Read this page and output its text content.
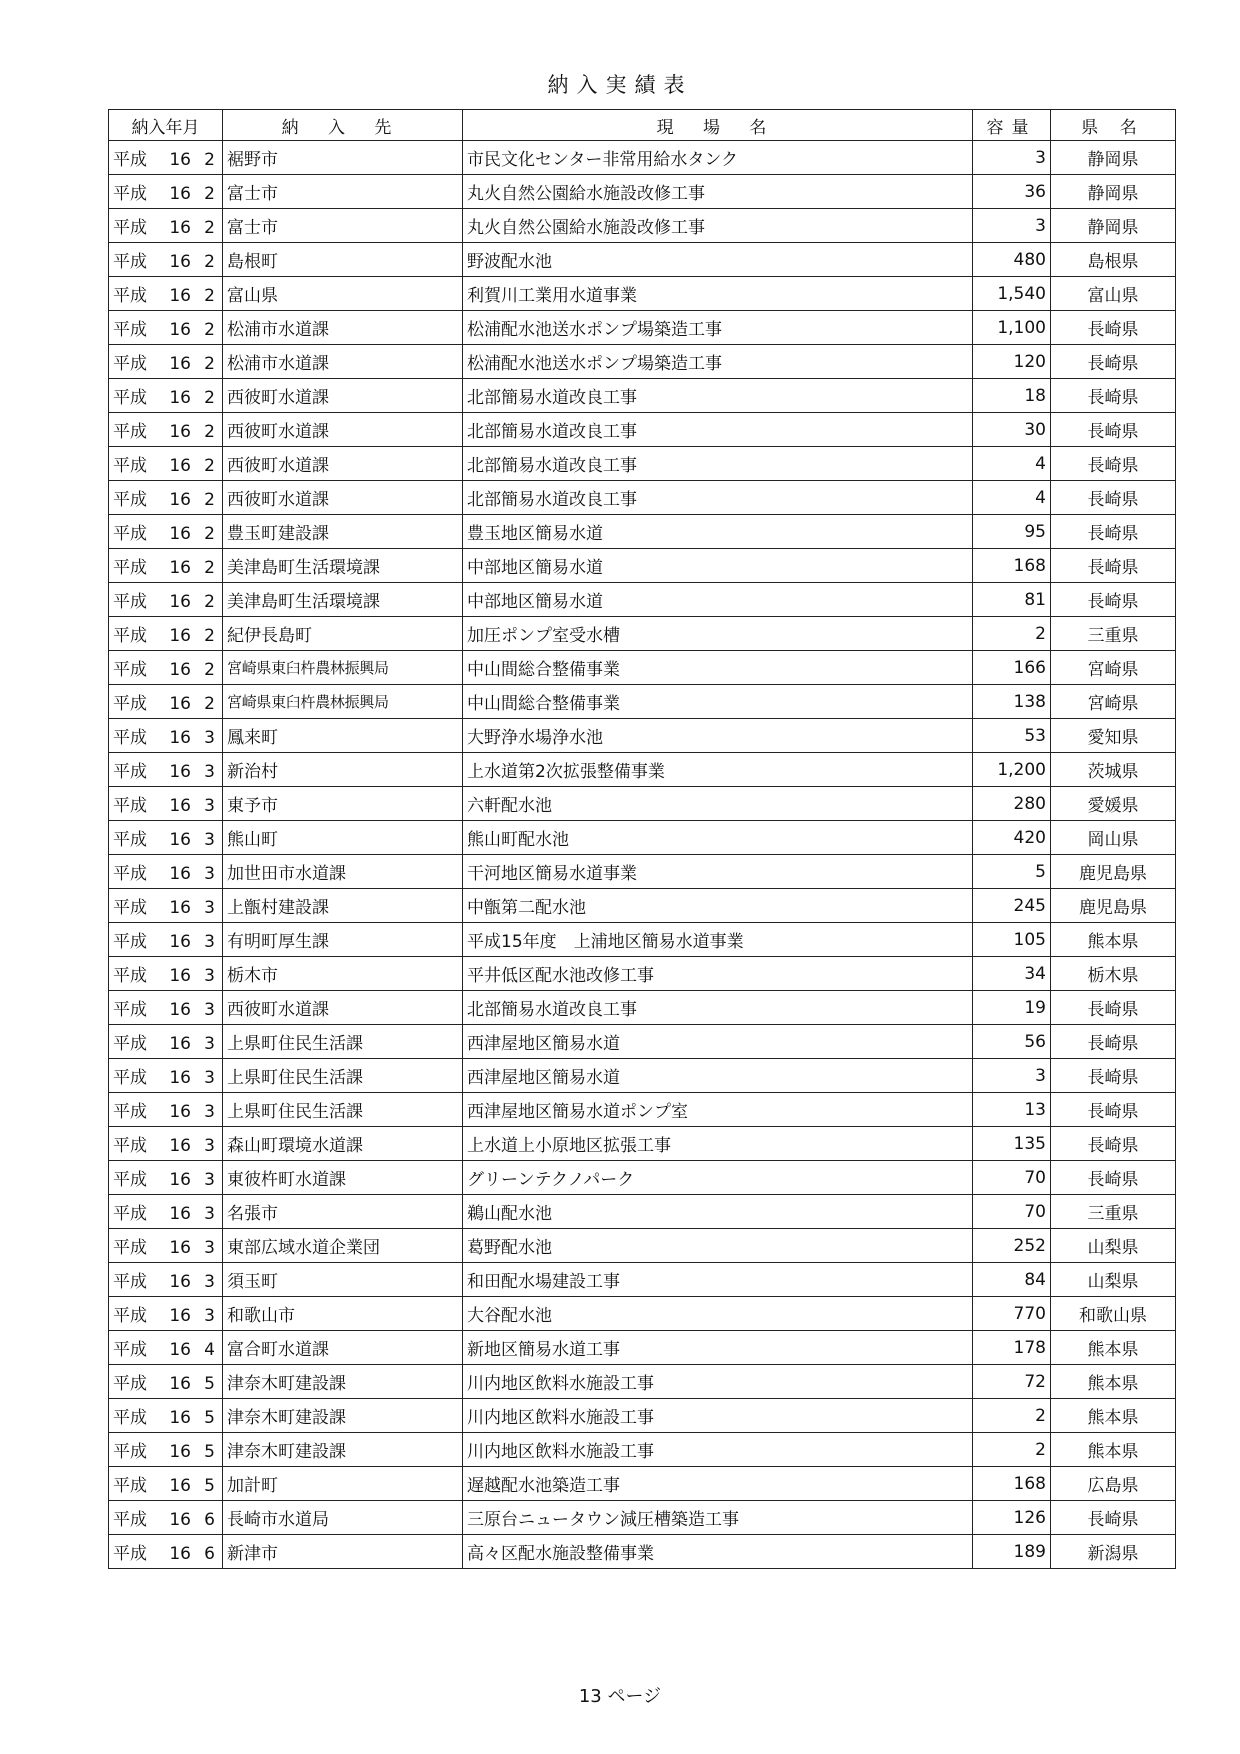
納入実績表
納入年月	納 入 先	現 場 名	容量	県 名
平成 16 2	裾野市	市民文化センター非常用給水タンク	3	静岡県
平成 16 2	富士市	丸火自然公園給水施設改修工事	36	静岡県
平成 16 2	富士市	丸火自然公園給水施設改修工事	3	静岡県
平成 16 2	島根町	野波配水池	480	島根県
平成 16 2	富山県	利賀川工業用水道事業	1,540	富山県
平成 16 2	松浦市水道課	松浦配水池送水ポンプ場築造工事	1,100	長崎県
平成 16 2	松浦市水道課	松浦配水池送水ポンプ場築造工事	120	長崎県
平成 16 2	西彼町水道課	北部簡易水道改良工事	18	長崎県
平成 16 2	西彼町水道課	北部簡易水道改良工事	30	長崎県
平成 16 2	西彼町水道課	北部簡易水道改良工事	4	長崎県
平成 16 2	西彼町水道課	北部簡易水道改良工事	4	長崎県
平成 16 2	豊玉町建設課	豊玉地区簡易水道	95	長崎県
平成 16 2	美津島町生活環境課	中部地区簡易水道	168	長崎県
平成 16 2	美津島町生活環境課	中部地区簡易水道	81	長崎県
平成 16 2	紀伊長島町	加圧ポンプ室受水槽	2	三重県
平成 16 2	宮崎県東臼杵農林振興局	中山間総合整備事業	166	宮崎県
平成 16 2	宮崎県東臼杵農林振興局	中山間総合整備事業	138	宮崎県
平成 16 3	鳳来町	大野浄水場浄水池	53	愛知県
平成 16 3	新治村	上水道第2次拡張整備事業	1,200	茨城県
平成 16 3	東予市	六軒配水池	280	愛媛県
平成 16 3	熊山町	熊山町配水池	420	岡山県
平成 16 3	加世田市水道課	干河地区簡易水道事業	5	鹿児島県
平成 16 3	上甑村建設課	中甑第二配水池	245	鹿児島県
平成 16 3	有明町厚生課	平成15年度　上浦地区簡易水道事業	105	熊本県
平成 16 3	栃木市	平井低区配水池改修工事	34	栃木県
平成 16 3	西彼町水道課	北部簡易水道改良工事	19	長崎県
平成 16 3	上県町住民生活課	西津屋地区簡易水道	56	長崎県
平成 16 3	上県町住民生活課	西津屋地区簡易水道	3	長崎県
平成 16 3	上県町住民生活課	西津屋地区簡易水道ポンプ室	13	長崎県
平成 16 3	森山町環境水道課	上水道上小原地区拡張工事	135	長崎県
平成 16 3	東彼杵町水道課	グリーンテクノパーク	70	長崎県
平成 16 3	名張市	鵜山配水池	70	三重県
平成 16 3	東部広域水道企業団	葛野配水池	252	山梨県
平成 16 3	須玉町	和田配水場建設工事	84	山梨県
平成 16 3	和歌山市	大谷配水池	770	和歌山県
平成 16 4	富合町水道課	新地区簡易水道工事	178	熊本県
平成 16 5	津奈木町建設課	川内地区飲料水施設工事	72	熊本県
平成 16 5	津奈木町建設課	川内地区飲料水施設工事	2	熊本県
平成 16 5	津奈木町建設課	川内地区飲料水施設工事	2	熊本県
平成 16 5	加計町	遅越配水池築造工事	168	広島県
平成 16 6	長崎市水道局	三原台ニュータウン減圧槽築造工事	126	長崎県
平成 16 6	新津市	高々区配水施設整備事業	189	新潟県
13 ページ
